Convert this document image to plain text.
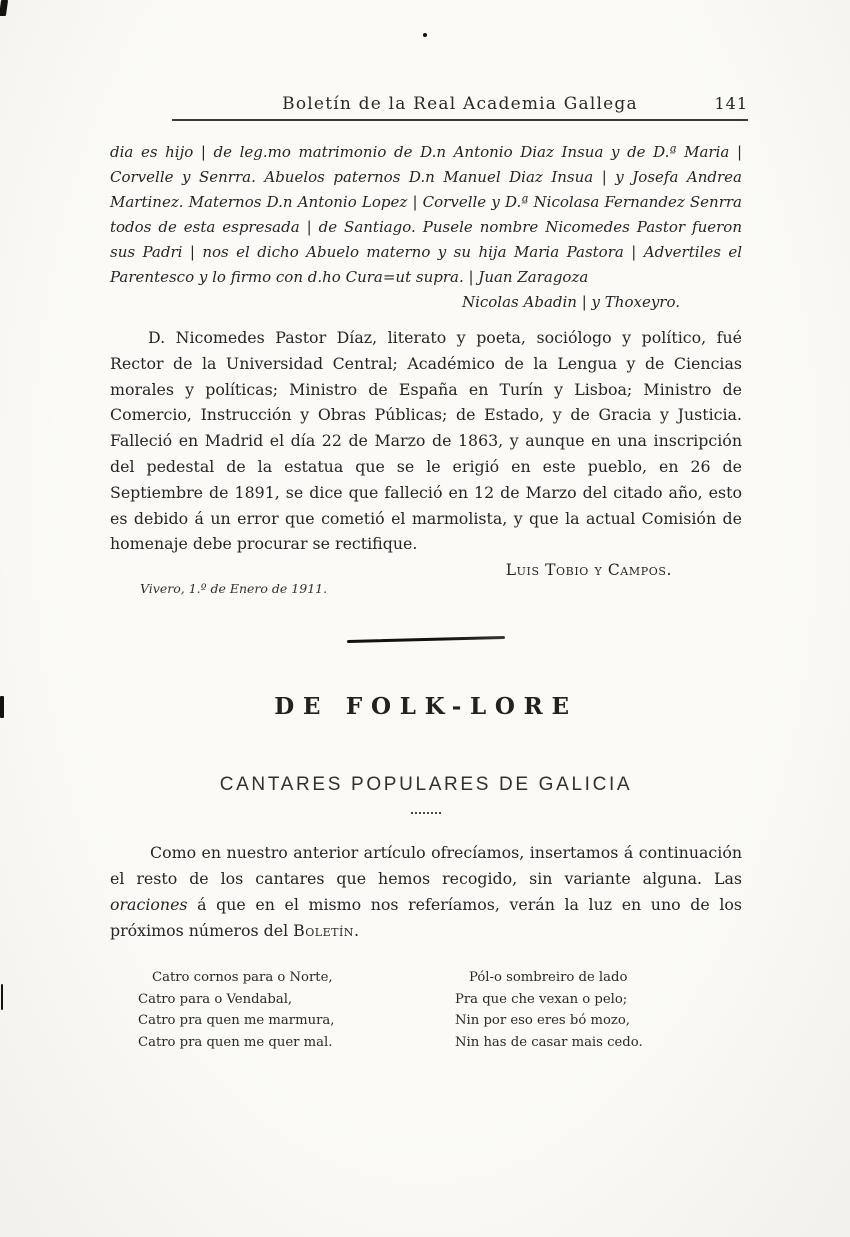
Boletín de la Real Academia Gallega	141

dia es hijo | de leg.mo matrimonio de D.n Antonio Diaz Insua y de D.ª Maria | Corvelle y Senrra. Abuelos paternos D.n Manuel Diaz Insua | y Josefa Andrea Martinez. Maternos D.n Antonio Lopez | Corvelle y D.ª Nicolasa Fernandez Senrra todos de esta espresada | de Santiago. Pusele nombre Nicomedes Pastor fueron sus Padri | nos el dicho Abuelo materno y su hija Maria Pastora | Advertiles el Parentesco y lo firmo con d.ho Cura=ut supra. | Juan Zaragoza

Nicolas Abadin | y Thoxeyro.

D. Nicomedes Pastor Díaz, literato y poeta, sociólogo y político, fué Rector de la Universidad Central; Académico de la Lengua y de Ciencias morales y políticas; Ministro de España en Turín y Lisboa; Ministro de Comercio, Instrucción y Obras Públicas; de Estado, y de Gracia y Justicia. Falleció en Madrid el día 22 de Marzo de 1863, y aunque en una inscripción del pedestal de la estatua que se le erigió en este pueblo, en 26 de Septiembre de 1891, se dice que falleció en 12 de Marzo del citado año, esto es debido á un error que cometió el marmolista, y que la actual Comisión de homenaje debe procurar se rectifique.

Luis Tobio y Campos.

Vivero, 1.º de Enero de 1911.

DE FOLK-LORE
CANTARES POPULARES DE GALICIA

Como en nuestro anterior artículo ofrecíamos, insertamos á continuación el resto de los cantares que hemos recogido, sin variante alguna. Las oraciones á que en el mismo nos referíamos, verán la luz en uno de los próximos números del Boletín.

Catro cornos para o Norte,
Catro para o Vendabal,
Catro pra quen me marmura,
Catro pra quen me quer mal.
Pól-o sombreiro de lado
Pra que che vexan o pelo;
Nin por eso eres bó mozo,
Nin has de casar mais cedo.
